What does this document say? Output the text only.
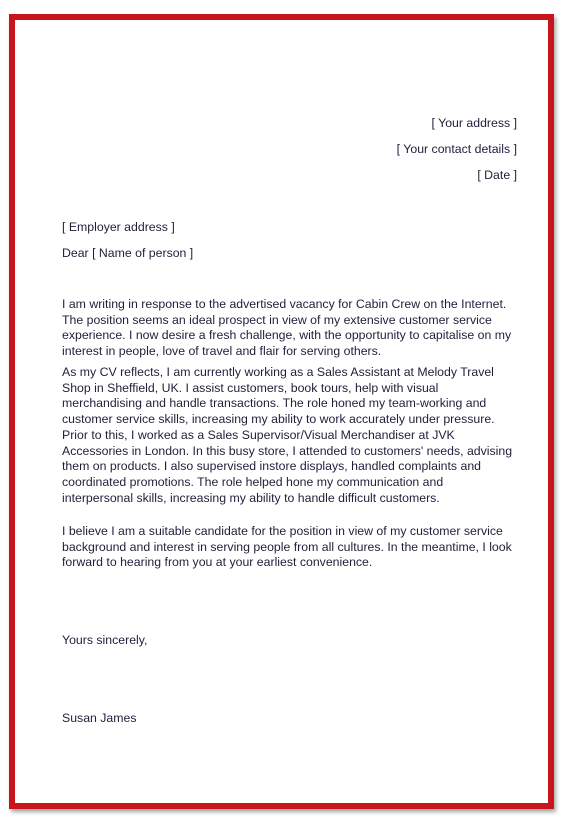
[ Your address ]
[ Your contact details ]
[ Date ]
[ Employer address ]
Dear [ Name of person ]

I am writing in response to the advertised vacancy for Cabin Crew on the Internet. The position seems an ideal prospect in view of my extensive customer service experience. I now desire a fresh challenge, with the opportunity to capitalise on my interest in people, love of travel and flair for serving others.

As my CV reflects, I am currently working as a Sales Assistant at Melody Travel Shop in Sheffield, UK. I assist customers, book tours, help with visual merchandising and handle transactions. The role honed my team-working and customer service skills, increasing my ability to work accurately under pressure. Prior to this, I worked as a Sales Supervisor/Visual Merchandiser at JVK Accessories in London. In this busy store, I attended to customers' needs, advising them on products. I also supervised instore displays, handled complaints and coordinated promotions. The role helped hone my communication and interpersonal skills, increasing my ability to handle difficult customers.

I believe I am a suitable candidate for the position in view of my customer service background and interest in serving people from all cultures. In the meantime, I look forward to hearing from you at your earliest convenience.

Yours sincerely,
Susan James
